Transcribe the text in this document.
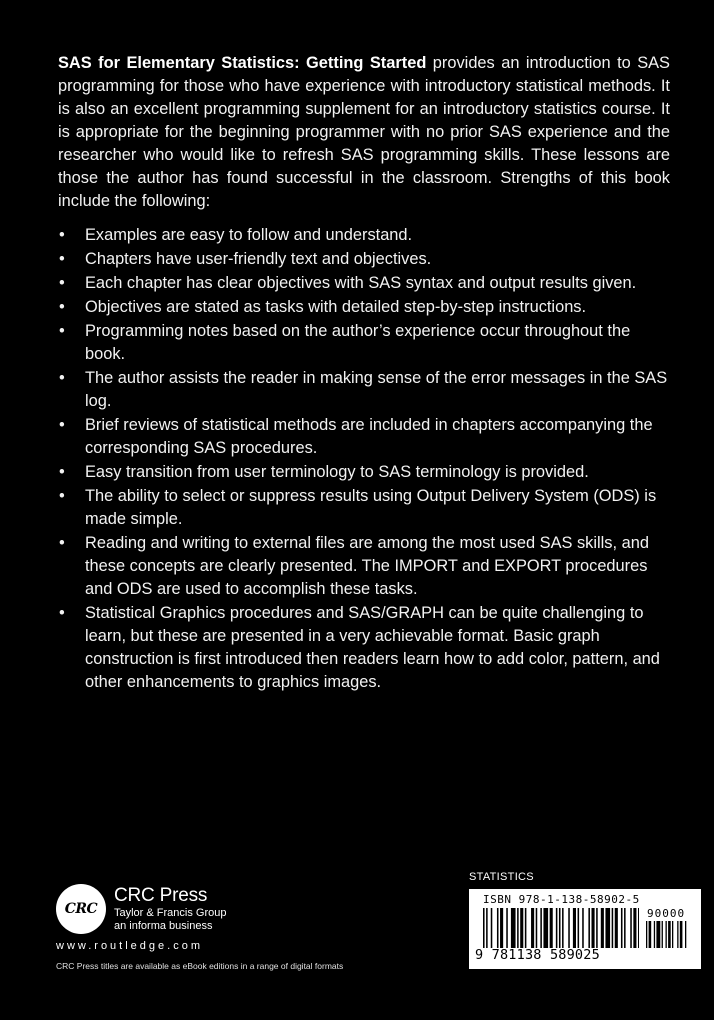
SAS for Elementary Statistics: Getting Started provides an introduction to SAS programming for those who have experience with introductory statistical methods. It is also an excellent programming supplement for an introductory statistics course. It is appropriate for the beginning programmer with no prior SAS experience and the researcher who would like to refresh SAS programming skills. These lessons are those the author has found successful in the classroom. Strengths of this book include the following:

• Examples are easy to follow and understand.
• Chapters have user-friendly text and objectives.
• Each chapter has clear objectives with SAS syntax and output results given.
• Objectives are stated as tasks with detailed step-by-step instructions.
• Programming notes based on the author’s experience occur throughout the book.
• The author assists the reader in making sense of the error messages in the SAS log.
• Brief reviews of statistical methods are included in chapters accompanying the corresponding SAS procedures.
• Easy transition from user terminology to SAS terminology is provided.
• The ability to select or suppress results using Output Delivery System (ODS) is made simple.
• Reading and writing to external files are among the most used SAS skills, and these concepts are clearly presented. The IMPORT and EXPORT procedures and ODS are used to accomplish these tasks.
• Statistical Graphics procedures and SAS/GRAPH can be quite challenging to learn, but these are presented in a very achievable format. Basic graph construction is first introduced then readers learn how to add color, pattern, and other enhancements to graphics images.
CRC
CRC Press
Taylor & Francis Group
an informa business
www.routledge.com
CRC Press titles are available as eBook editions in a range of digital formats
STATISTICS
ISBN 978-1-138-58902-5
90000
9 781138 589025
